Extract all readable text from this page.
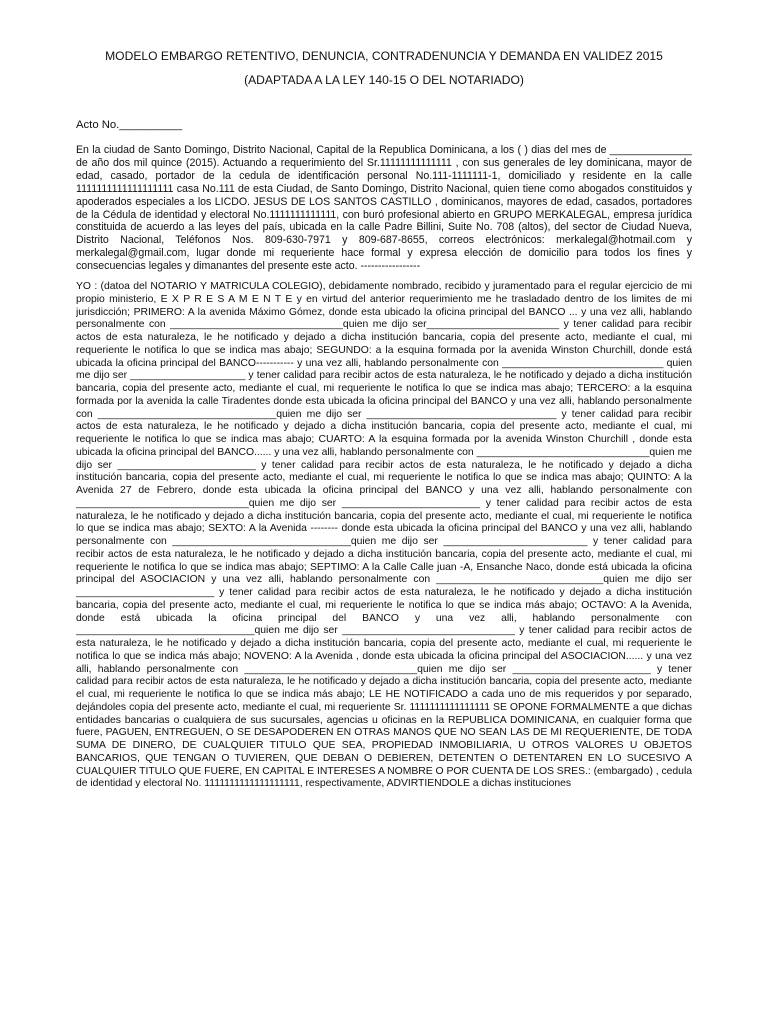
MODELO EMBARGO RETENTIVO, DENUNCIA, CONTRADENUNCIA Y DEMANDA EN VALIDEZ 2015

(ADAPTADA A LA LEY 140-15 O DEL NOTARIADO)

Acto No.__________

En la ciudad de Santo Domingo, Distrito Nacional, Capital de la Republica Dominicana, a los ( ) dias del mes de ______________ de año dos mil quince (2015). Actuando a requerimiento del Sr.11111111111111 , con sus generales de ley dominicana, mayor de edad, casado, portador de la cedula de identificación personal No.111-1111111-1, domiciliado y residente en la calle 1111111111111111111 casa No.111 de esta Ciudad, de Santo Domingo, Distrito Nacional, quien tiene como abogados constituidos y apoderados especiales a los LICDO. JESUS DE LOS SANTOS CASTILLO , dominicanos, mayores de edad, casados, portadores de la Cédula de identidad y electoral No.1111111111111, con buró profesional abierto en GRUPO MERKALEGAL, empresa jurídica constituida de acuerdo a las leyes del país, ubicada en la calle Padre Billini, Suite No. 708 (altos), del sector de Ciudad Nueva, Distrito Nacional, Teléfonos Nos. 809-630-7971 y 809-687-8655, correos electrónicos: merkalegal@hotmail.com y merkalegal@gmail.com, lugar donde mi requeriente hace formal y expresa elección de domicilio para todos los fines y consecuencias legales y dimanantes del presente este acto. -----------------

YO : (datoa del NOTARIO Y MATRICULA COLEGIO), debidamente nombrado, recibido y juramentado para el regular ejercicio de mi propio ministerio, E X P R E S A M E N T E y en virtud del anterior requerimiento me he trasladado dentro de los limites de mi jurisdicción; PRIMERO: A la avenida Máximo Gómez, donde esta ubicado la oficina principal del BANCO ... y una vez alli, hablando personalmente con ______________________________quien me dijo ser_______________________ y tener calidad para recibir actos de esta naturaleza, le he notificado y dejado a dicha institución bancaria, copia del presente acto, mediante el cual, mi requeriente le notifica lo que se indica mas abajo; SEGUNDO: a la esquina formada por la avenida Winston Churchill, donde está ubicada la oficina principal del BANCO----------- y una vez alli, hablando personalmente con ____________________________ quien me dijo ser ____________________ y tener calidad para recibir actos de esta naturaleza, le he notificado y dejado a dicha institución bancaria, copia del presente acto, mediante el cual, mi requeriente le notifica lo que se indica mas abajo; TERCERO: a la esquina formada por la avenida la calle Tiradentes donde esta ubicada la oficina principal del BANCO y una vez alli, hablando personalmente con _______________________________quien me dijo ser _________________________________ y tener calidad para recibir actos de esta naturaleza, le he notificado y dejado a dicha institución bancaria, copia del presente acto, mediante el cual, mi requeriente le notifica lo que se indica mas abajo; CUARTO: A la esquina formada por la avenida Winston Churchill , donde esta ubicada la oficina principal del BANCO...... y una vez alli, hablando personalmente con ______________________________quien me dijo ser ________________________ y tener calidad para recibir actos de esta naturaleza, le he notificado y dejado a dicha institución bancaria, copia del presente acto, mediante el cual, mi requeriente le notifica lo que se indica mas abajo; QUINTO: A la Avenida 27 de Febrero, donde esta ubicada la oficina principal del BANCO y una vez alli, hablando personalmente con ______________________________quien me dijo ser ________________________ y tener calidad para recibir actos de esta naturaleza, le he notificado y dejado a dicha institución bancaria, copia del presente acto, mediante el cual, mi requeriente le notifica lo que se indica mas abajo; SEXTO: A la Avenida -------- donde esta ubicada la oficina principal del BANCO y una vez alli, hablando personalmente con _______________________________quien me dijo ser _________________________ y tener calidad para recibir actos de esta naturaleza, le he notificado y dejado a dicha institución bancaria, copia del presente acto, mediante el cual, mi requeriente le notifica lo que se indica mas abajo; SEPTIMO: A la Calle Calle juan -A, Ensanche Naco, donde está ubicada la oficina principal del ASOCIACION y una vez alli, hablando personalmente con _____________________________quien me dijo ser ________________________ y tener calidad para recibir actos de esta naturaleza, le he notificado y dejado a dicha institución bancaria, copia del presente acto, mediante el cual, mi requeriente le notifica lo que se indica más abajo; OCTAVO: A la Avenida, donde está ubicada la oficina principal del BANCO y una vez alli, hablando personalmente con _______________________________quien me dijo ser ______________________________ y tener calidad para recibir actos de esta naturaleza, le he notificado y dejado a dicha institución bancaria, copia del presente acto, mediante el cual, mi requeriente le notifica lo que se indica más abajo; NOVENO: A la Avenida , donde esta ubicada la oficina principal del ASOCIACION...... y una vez alli, hablando personalmente con ______________________________quien me dijo ser ________________________ y tener calidad para recibir actos de esta naturaleza, le he notificado y dejado a dicha institución bancaria, copia del presente acto, mediante el cual, mi requeriente le notifica lo que se indica más abajo; LE HE NOTIFICADO a cada uno de mis requeridos y por separado, dejándoles copia del presente acto, mediante el cual, mi requeriente Sr. 1111111111111111 SE OPONE FORMALMENTE a que dichas entidades bancarias o cualquiera de sus sucursales, agencias u oficinas en la REPUBLICA DOMINICANA, en cualquier forma que fuere, PAGUEN, ENTREGUEN, O SE DESAPODEREN EN OTRAS MANOS QUE NO SEAN LAS DE MI REQUERIENTE, DE TODA SUMA DE DINERO, DE CUALQUIER TITULO QUE SEA, PROPIEDAD INMOBILIARIA, U OTROS VALORES U OBJETOS BANCARIOS, QUE TENGAN O TUVIEREN, QUE DEBAN O DEBIEREN, DETENTEN O DETENTAREN EN LO SUCESIVO A CUALQUIER TITULO QUE FUERE, EN CAPITAL E INTERESES A NOMBRE O POR CUENTA DE LOS SRES.: (embargado) , cedula de identidad y electoral No. 1111111111111111111, respectivamente, ADVIRTIENDOLE a dichas instituciones
